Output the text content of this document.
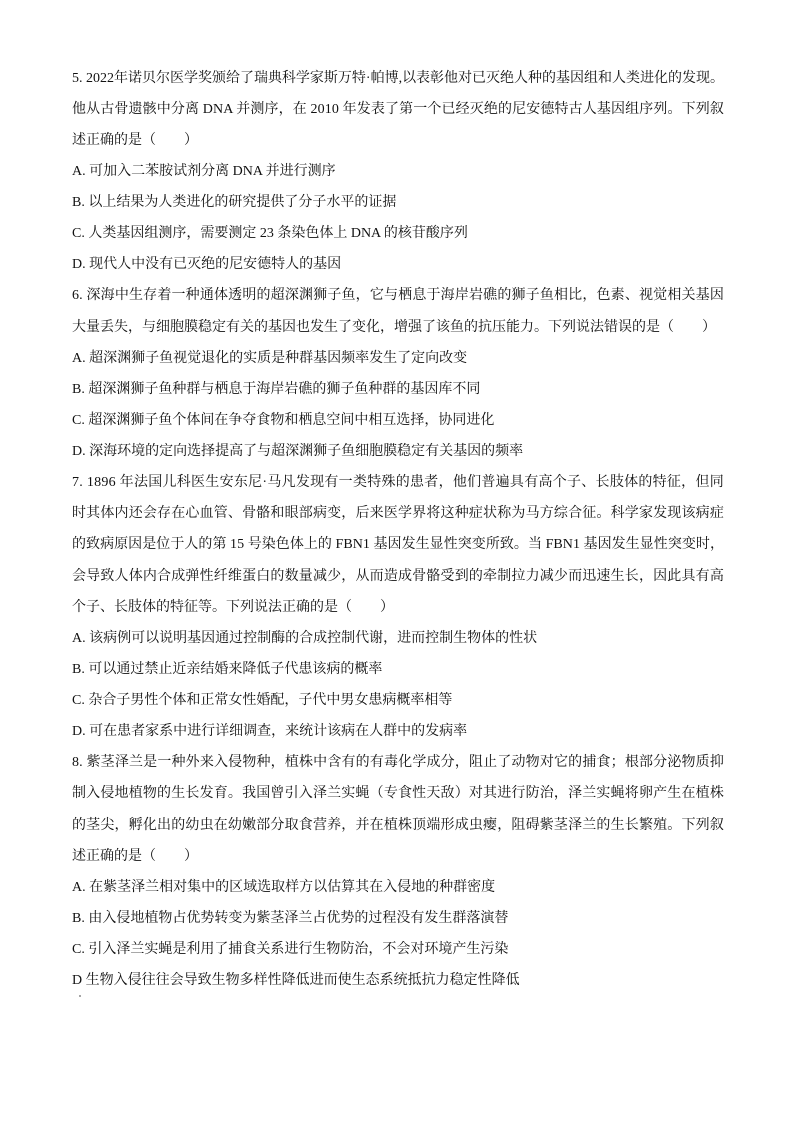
5. 2022年诺贝尔医学奖颁给了瑞典科学家斯万特·帕博,以表彰他对已灭绝人种的基因组和人类进化的发现。
他从古骨遗骸中分离 DNA 并测序，在 2010 年发表了第一个已经灭绝的尼安德特古人基因组序列。下列叙
述正确的是（　　）
A. 可加入二苯胺试剂分离 DNA 并进行测序
B. 以上结果为人类进化的研究提供了分子水平的证据
C. 人类基因组测序，需要测定 23 条染色体上 DNA 的核苷酸序列
D. 现代人中没有已灭绝的尼安德特人的基因
6. 深海中生存着一种通体透明的超深渊狮子鱼，它与栖息于海岸岩礁的狮子鱼相比，色素、视觉相关基因
大量丢失，与细胞膜稳定有关的基因也发生了变化，增强了该鱼的抗压能力。下列说法错误的是（　　）
A. 超深渊狮子鱼视觉退化的实质是种群基因频率发生了定向改变
B. 超深渊狮子鱼种群与栖息于海岸岩礁的狮子鱼种群的基因库不同
C. 超深渊狮子鱼个体间在争夺食物和栖息空间中相互选择，协同进化
D. 深海环境的定向选择提高了与超深渊狮子鱼细胞膜稳定有关基因的频率
7. 1896 年法国儿科医生安东尼·马凡发现有一类特殊的患者，他们普遍具有高个子、长肢体的特征，但同
时其体内还会存在心血管、骨骼和眼部病变，后来医学界将这种症状称为马方综合征。科学家发现该病症
的致病原因是位于人的第 15 号染色体上的 FBN1 基因发生显性突变所致。当 FBN1 基因发生显性突变时，
会导致人体内合成弹性纤维蛋白的数量减少，从而造成骨骼受到的牵制拉力减少而迅速生长，因此具有高
个子、长肢体的特征等。下列说法正确的是（　　）
A. 该病例可以说明基因通过控制酶的合成控制代谢，进而控制生物体的性状
B. 可以通过禁止近亲结婚来降低子代患该病的概率
C. 杂合子男性个体和正常女性婚配，子代中男女患病概率相等
D. 可在患者家系中进行详细调查，来统计该病在人群中的发病率
8. 紫茎泽兰是一种外来入侵物种，植株中含有的有毒化学成分，阻止了动物对它的捕食；根部分泌物质抑
制入侵地植物的生长发育。我国曾引入泽兰实蝇（专食性天敌）对其进行防治，泽兰实蝇将卵产生在植株
的茎尖，孵化出的幼虫在幼嫩部分取食营养，并在植株顶端形成虫瘿，阻碍紫茎泽兰的生长繁殖。下列叙
述正确的是（　　）
A. 在紫茎泽兰相对集中的区域选取样方以估算其在入侵地的种群密度
B. 由入侵地植物占优势转变为紫茎泽兰占优势的过程没有发生群落演替
C. 引入泽兰实蝇是利用了捕食关系进行生物防治，不会对环境产生污染
D 生物入侵往往会导致生物多样性降低进而使生态系统抵抗力稳定性降低
